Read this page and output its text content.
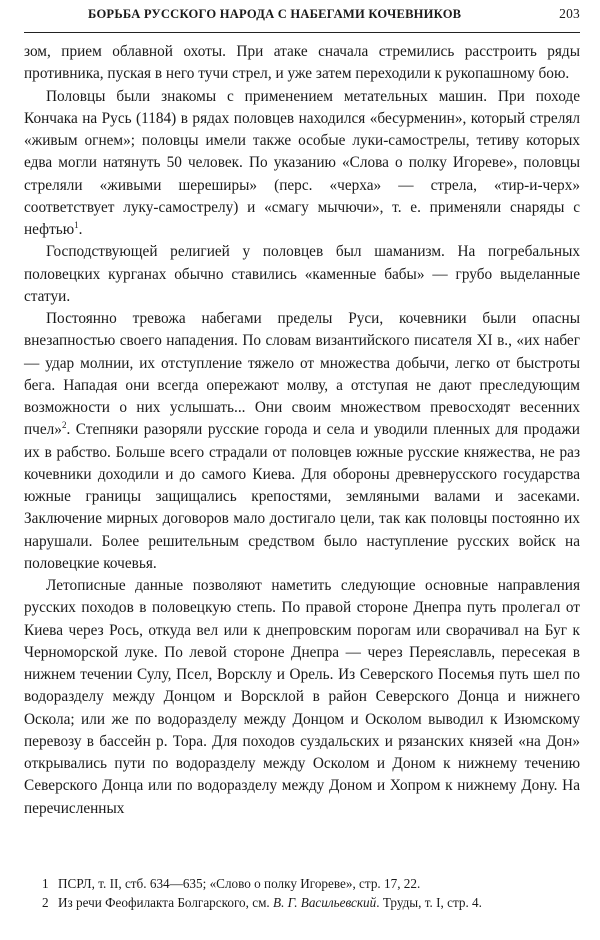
БОРЬБА РУССКОГО НАРОДА С НАБЕГАМИ КОЧЕВНИКОВ	203

зом, прием облавной охоты. При атаке сначала стремились расстроить ряды противника, пуская в него тучи стрел, и уже затем переходили к рукопашному бою.

Половцы были знакомы с применением метательных машин. При походе Кончака на Русь (1184) в рядах половцев находился «бесурменин», который стрелял «живым огнем»; половцы имели также особые луки-самострелы, тетиву которых едва могли натянуть 50 человек. По указанию «Слова о полку Игореве», половцы стреляли «живыми шереширы» (перс. «черха» — стрела, «тир-и-черх» соответствует луку-самострелу) и «смагу мычючи», т. е. применяли снаряды с нефтью$^1$.

Господствующей религией у половцев был шаманизм. На погребальных половецких курганах обычно ставились «каменные бабы» — грубо выделанные статуи.

Постоянно тревожа набегами пределы Руси, кочевники были опасны внезапностью своего нападения. По словам византийского писателя XI в., «их набег — удар молнии, их отступление тяжело от множества добычи, легко от быстроты бега. Нападая они всегда опережают молву, а отступая не дают преследующим возможности о них услышать... Они своим множеством превосходят весенних пчел»$^2$. Степняки разоряли русские города и села и уводили пленных для продажи их в рабство. Больше всего страдали от половцев южные русские княжества, не раз кочевники доходили и до самого Киева. Для обороны древнерусского государства южные границы защищались крепостями, земляными валами и засеками. Заключение мирных договоров мало достигало цели, так как половцы постоянно их нарушали. Более решительным средством было наступление русских войск на половецкие кочевья.

Летописные данные позволяют наметить следующие основные направления русских походов в половецкую степь. По правой стороне Днепра путь пролегал от Киева через Рось, откуда вел или к днепровским порогам или сворачивал на Буг к Черноморской луке. По левой стороне Днепра — через Переяславль, пересекая в нижнем течении Сулу, Псел, Ворсклу и Орель. Из Северского Посемья путь шел по водоразделу между Донцом и Ворсклой в район Северского Донца и нижнего Оскола; или же по водоразделу между Донцом и Осколом выводил к Изюмскому перевозу в бассейн р. Тора. Для походов суздальских и рязанских князей «на Дон» открывались пути по водоразделу между Осколом и Доном к нижнему течению Северского Донца или по водоразделу между Доном и Хопром к нижнему Дону. На перечисленных

1 ПСРЛ, т. II, стб. 634—635; «Слово о полку Игореве», стр. 17, 22.
2 Из речи Феофилакта Болгарского, см. В. Г. Васильевский. Труды, т. I, стр. 4.
